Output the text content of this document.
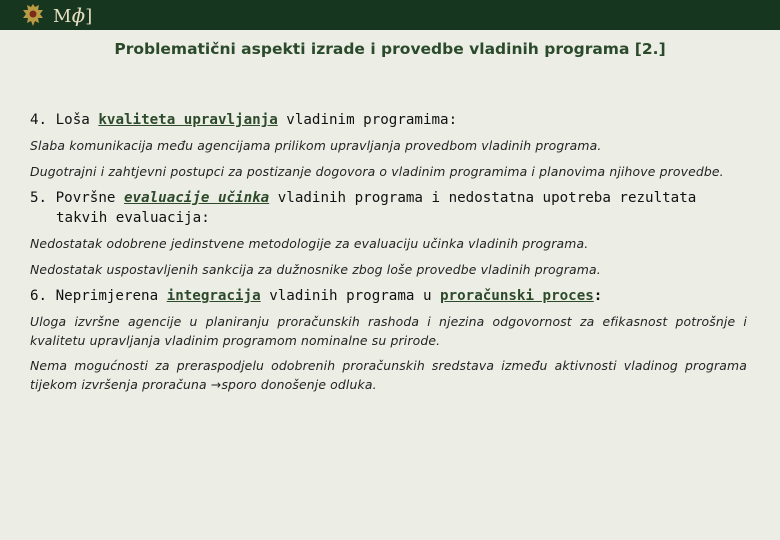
Mɸ]
Problematični aspekti izrade i provedbe vladinih programa [2.]

4. Loša kvaliteta upravljanja vladinim programima:

Slaba komunikacija među agencijama prilikom upravljanja provedbom vladinih programa.

Dugotrajni i zahtjevni postupci za postizanje dogovora o vladinim programima i planovima njihove provedbe.

5. Površne evaluacije učinka vladinih programa i nedostatna upotreba rezultata takvih evaluacija:

Nedostatak odobrene jedinstvene metodologije za evaluaciju učinka vladinih programa.

Nedostatak uspostavljenih sankcija za dužnosnike zbog loše provedbe vladinih programa.

6. Neprimjerena integracija vladinih programa u proračunski proces:

Uloga izvršne agencije u planiranju proračunskih rashoda i njezina odgovornost za efikasnost potrošnje i kvalitetu upravljanja vladinim programom nominalne su prirode.

Nema mogućnosti za preraspodjelu odobrenih proračunskih sredstava između aktivnosti vladinog programa tijekom izvršenja proračuna →sporo donošenje odluka.
